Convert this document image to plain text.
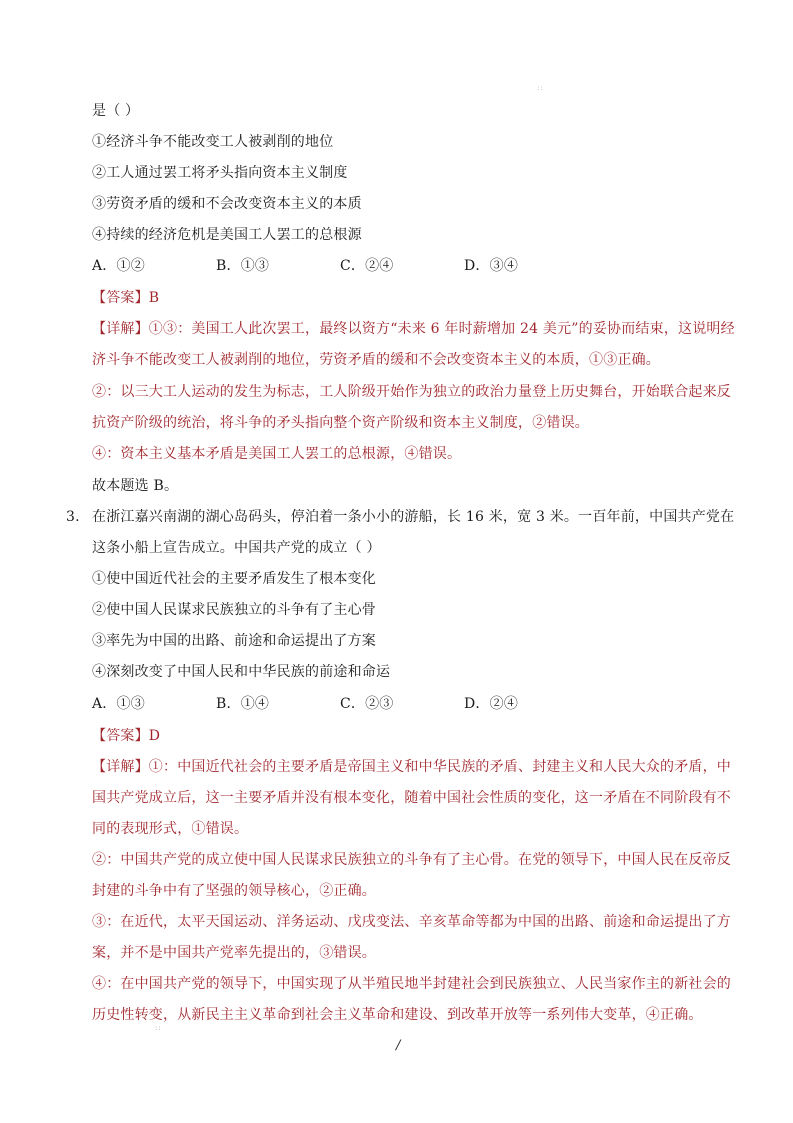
::
是（ ）
①经济斗争不能改变工人被剥削的地位
②工人通过罢工将矛头指向资本主义制度
③劳资矛盾的缓和不会改变资本主义的本质
④持续的经济危机是美国工人罢工的总根源
A．①②	B．①③	C．②④	D．③④
【答案】B
【详解】①③：美国工人此次罢工，最终以资方“未来 6 年时薪增加 24 美元”的妥协而结束，这说明经
济斗争不能改变工人被剥削的地位，劳资矛盾的缓和不会改变资本主义的本质，①③正确。
②：以三大工人运动的发生为标志，工人阶级开始作为独立的政治力量登上历史舞台，开始联合起来反
抗资产阶级的统治，将斗争的矛头指向整个资产阶级和资本主义制度，②错误。
④：资本主义基本矛盾是美国工人罢工的总根源，④错误。
故本题选 B。
3. 在浙江嘉兴南湖的湖心岛码头，停泊着一条小小的游船，长 16 米，宽 3 米。一百年前，中国共产党在
这条小船上宣告成立。中国共产党的成立（ ）
①使中国近代社会的主要矛盾发生了根本变化
②使中国人民谋求民族独立的斗争有了主心骨
③率先为中国的出路、前途和命运提出了方案
④深刻改变了中国人民和中华民族的前途和命运
A．①③	B．①④	C．②③	D．②④
【答案】D
【详解】①：中国近代社会的主要矛盾是帝国主义和中华民族的矛盾、封建主义和人民大众的矛盾，中
国共产党成立后，这一主要矛盾并没有根本变化，随着中国社会性质的变化，这一矛盾在不同阶段有不
同的表现形式，①错误。
②：中国共产党的成立使中国人民谋求民族独立的斗争有了主心骨。在党的领导下，中国人民在反帝反
封建的斗争中有了坚强的领导核心，②正确。
③：在近代，太平天国运动、洋务运动、戊戌变法、辛亥革命等都为中国的出路、前途和命运提出了方
案，并不是中国共产党率先提出的，③错误。
④：在中国共产党的领导下，中国实现了从半殖民地半封建社会到民族独立、人民当家作主的新社会的
历史性转变，从新民主主义革命到社会主义革命和建设、到改革开放等一系列伟大变革，④正确。
::
/
